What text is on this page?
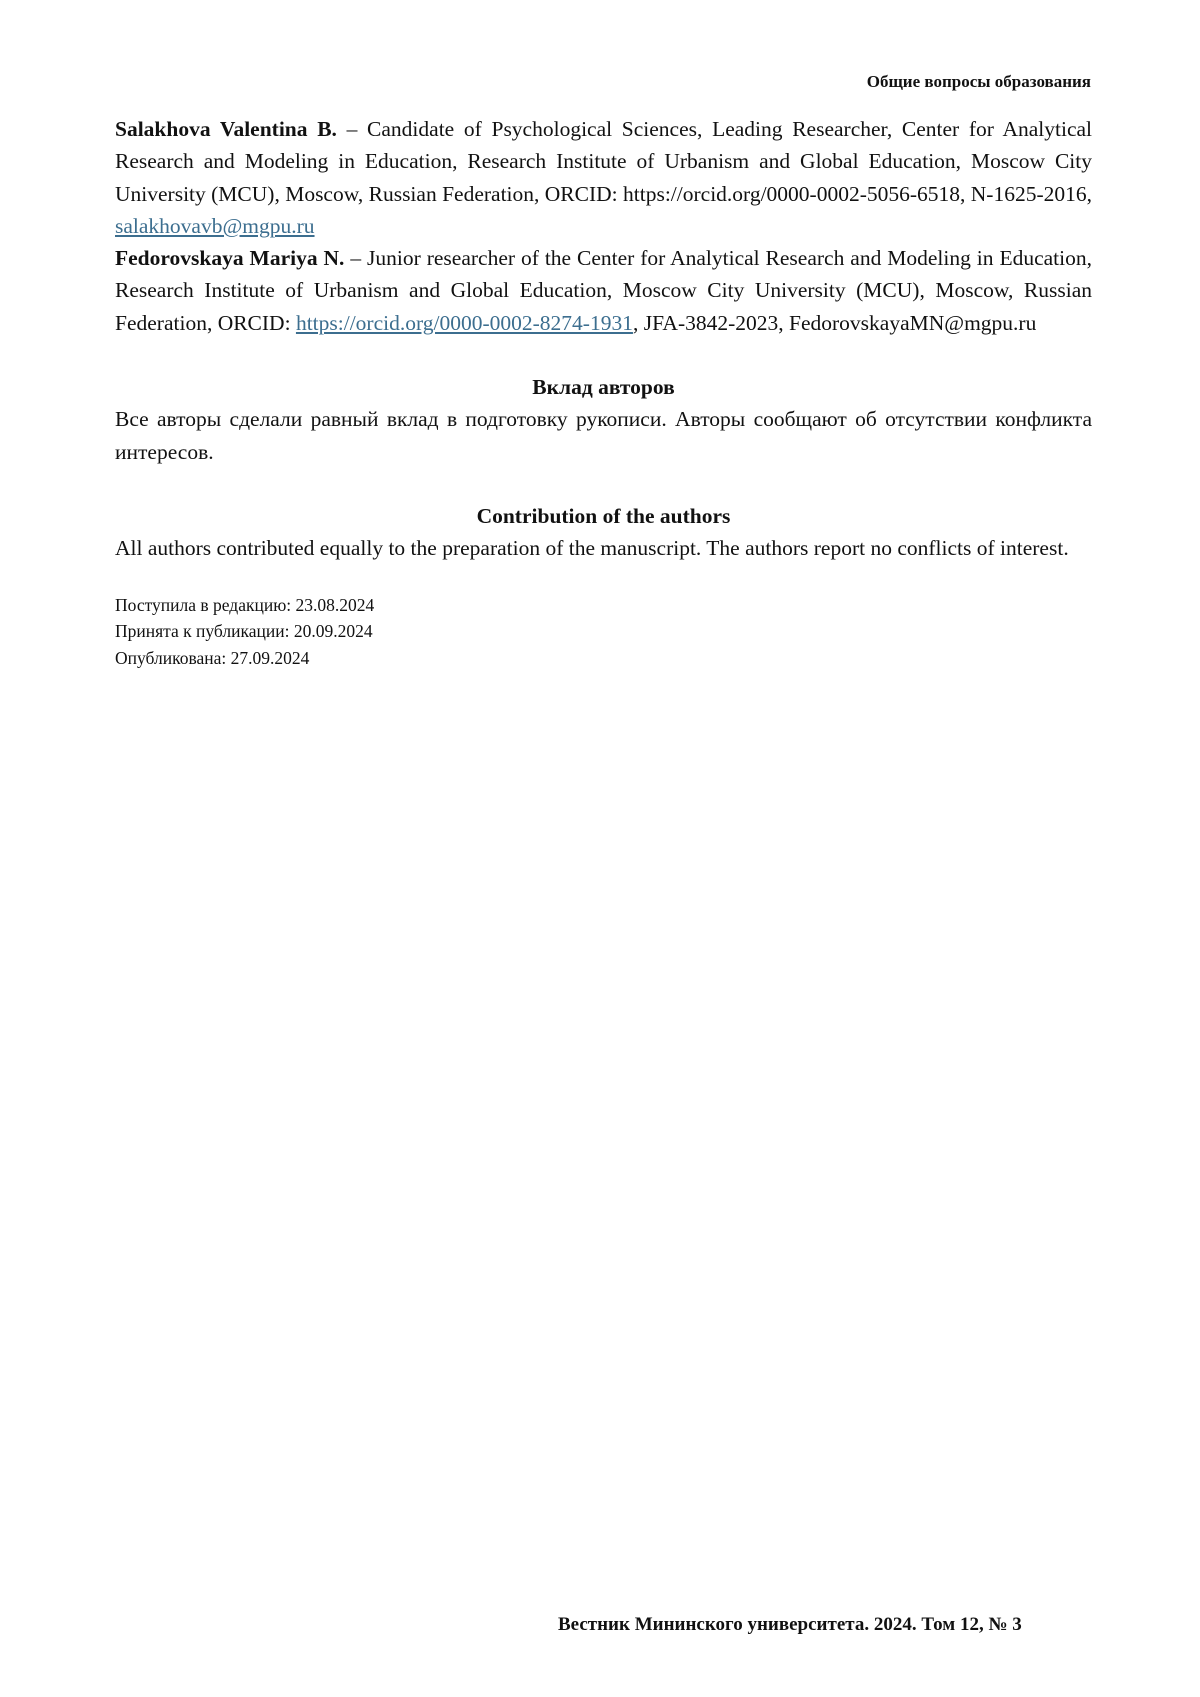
Общие вопросы образования

Salakhova Valentina B. – Candidate of Psychological Sciences, Leading Researcher, Center for Analytical Research and Modeling in Education, Research Institute of Urbanism and Global Education, Moscow City University (MCU), Moscow, Russian Federation, ORCID: https://orcid.org/0000-0002-5056-6518, N-1625-2016, salakhovavb@mgpu.ru

Fedorovskaya Mariya N. – Junior researcher of the Center for Analytical Research and Modeling in Education, Research Institute of Urbanism and Global Education, Moscow City University (MCU), Moscow, Russian Federation, ORCID: https://orcid.org/0000-0002-8274-1931, JFA-3842-2023, FedorovskayaMN@mgpu.ru

Вклад авторов

Все авторы сделали равный вклад в подготовку рукописи. Авторы сообщают об отсутствии конфликта интересов.

Contribution of the authors

All authors contributed equally to the preparation of the manuscript. The authors report no conflicts of interest.

Поступила в редакцию: 23.08.2024
Принята к публикации: 20.09.2024
Опубликована: 27.09.2024
Вестник Мининского университета. 2024. Том 12, № 3
